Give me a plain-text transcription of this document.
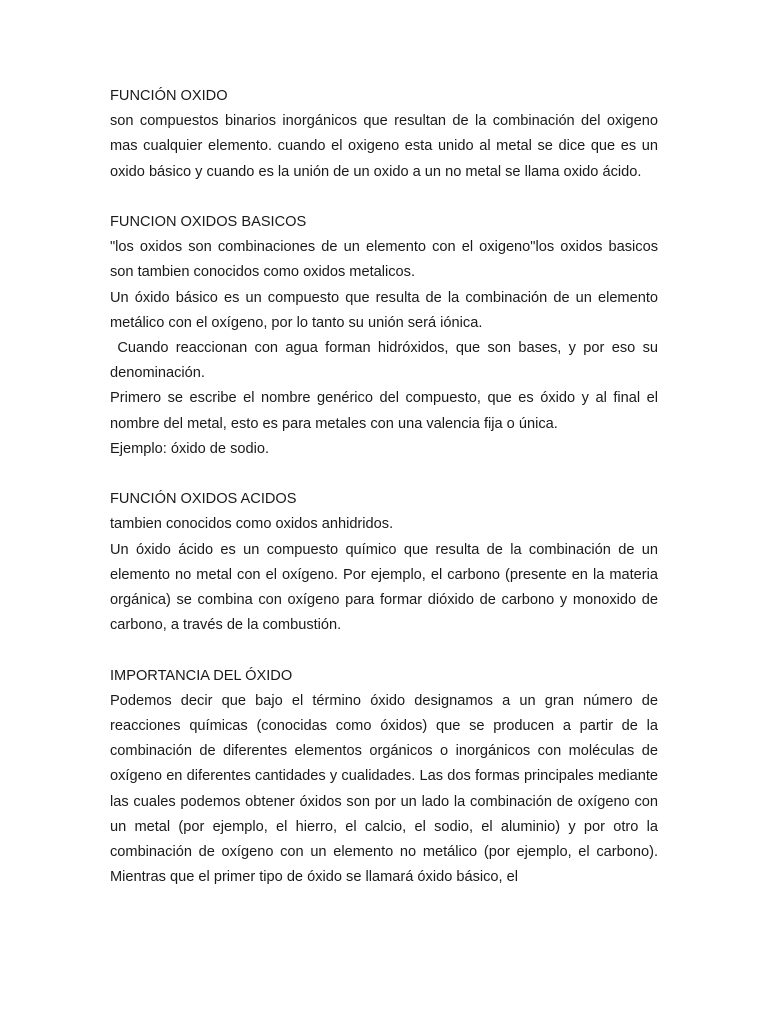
FUNCIÓN OXIDO

son compuestos binarios inorgánicos que resultan de la combinación del oxigeno mas cualquier elemento. cuando el oxigeno esta unido al metal se dice que es un oxido básico y cuando es la unión de un oxido a un no metal se llama oxido ácido.

FUNCION OXIDOS BASICOS

"los oxidos son combinaciones de un elemento con el oxigeno"los oxidos basicos son tambien conocidos como oxidos metalicos.

Un óxido básico es un compuesto que resulta de la combinación de un elemento metálico con el oxígeno, por lo tanto su unión será iónica.

Cuando reaccionan con agua forman hidróxidos, que son bases, y por eso su denominación.

Primero se escribe el nombre genérico del compuesto, que es óxido y al final el nombre del metal, esto es para metales con una valencia fija o única.

Ejemplo: óxido de sodio.

FUNCIÓN OXIDOS ACIDOS

tambien conocidos como oxidos anhidridos.

Un óxido ácido es un compuesto químico que resulta de la combinación de un elemento no metal con el oxígeno. Por ejemplo, el carbono (presente en la materia orgánica) se combina con oxígeno para formar dióxido de carbono y monoxido de carbono, a través de la combustión.

IMPORTANCIA DEL ÓXIDO

Podemos decir que bajo el término óxido designamos a un gran número de reacciones químicas (conocidas como óxidos) que se producen a partir de la combinación de diferentes elementos orgánicos o inorgánicos con moléculas de oxígeno en diferentes cantidades y cualidades. Las dos formas principales mediante las cuales podemos obtener óxidos son por un lado la combinación de oxígeno con un metal (por ejemplo, el hierro, el calcio, el sodio, el aluminio) y por otro la combinación de oxígeno con un elemento no metálico (por ejemplo, el carbono). Mientras que el primer tipo de óxido se llamará óxido básico, el
